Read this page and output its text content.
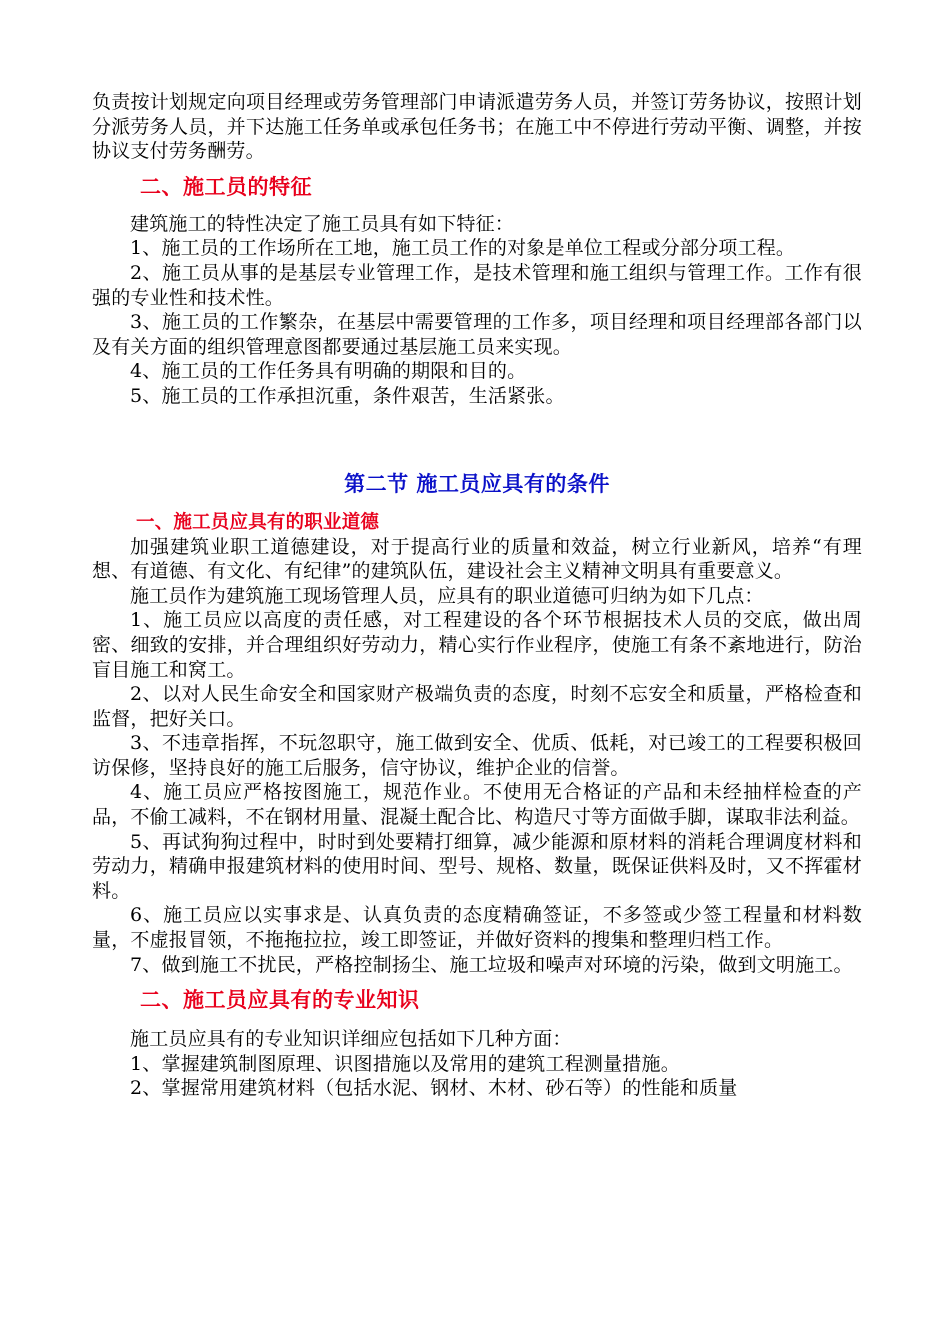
负责按计划规定向项目经理或劳务管理部门申请派遣劳务人员，并签订劳务协议，按照计划分派劳务人员，并下达施工任务单或承包任务书；在施工中不停进行劳动平衡、调整，并按协议支付劳务酬劳。

二、施工员的特征

建筑施工的特性决定了施工员具有如下特征：

1、施工员的工作场所在工地，施工员工作的对象是单位工程或分部分项工程。

2、施工员从事的是基层专业管理工作，是技术管理和施工组织与管理工作。工作有很强的专业性和技术性。

3、施工员的工作繁杂，在基层中需要管理的工作多，项目经理和项目经理部各部门以及有关方面的组织管理意图都要通过基层施工员来实现。

4、施工员的工作任务具有明确的期限和目的。

5、施工员的工作承担沉重，条件艰苦，生活紧张。

第二节 施工员应具有的条件
一、施工员应具有的职业道德

加强建筑业职工道德建设，对于提高行业的质量和效益，树立行业新风，培养“有理想、有道德、有文化、有纪律”的建筑队伍，建设社会主义精神文明具有重要意义。

施工员作为建筑施工现场管理人员，应具有的职业道德可归纳为如下几点：

1、施工员应以高度的责任感，对工程建设的各个环节根据技术人员的交底，做出周密、细致的安排，并合理组织好劳动力，精心实行作业程序，使施工有条不紊地进行，防治盲目施工和窝工。

2、以对人民生命安全和国家财产极端负责的态度，时刻不忘安全和质量，严格检查和监督，把好关口。

3、不违章指挥，不玩忽职守，施工做到安全、优质、低耗，对已竣工的工程要积极回访保修，坚持良好的施工后服务，信守协议，维护企业的信誉。

4、施工员应严格按图施工，规范作业。不使用无合格证的产品和未经抽样检查的产品，不偷工减料，不在钢材用量、混凝土配合比、构造尺寸等方面做手脚，谋取非法利益。

5、再试狗狗过程中，时时到处要精打细算，减少能源和原材料的消耗合理调度材料和劳动力，精确申报建筑材料的使用时间、型号、规格、数量，既保证供料及时，又不挥霍材料。

6、施工员应以实事求是、认真负责的态度精确签证，不多签或少签工程量和材料数量，不虚报冒领，不拖拖拉拉，竣工即签证，并做好资料的搜集和整理归档工作。

7、做到施工不扰民，严格控制扬尘、施工垃圾和噪声对环境的污染，做到文明施工。

二、施工员应具有的专业知识

施工员应具有的专业知识详细应包括如下几种方面：

1、掌握建筑制图原理、识图措施以及常用的建筑工程测量措施。

2、掌握常用建筑材料（包括水泥、钢材、木材、砂石等）的性能和质量
